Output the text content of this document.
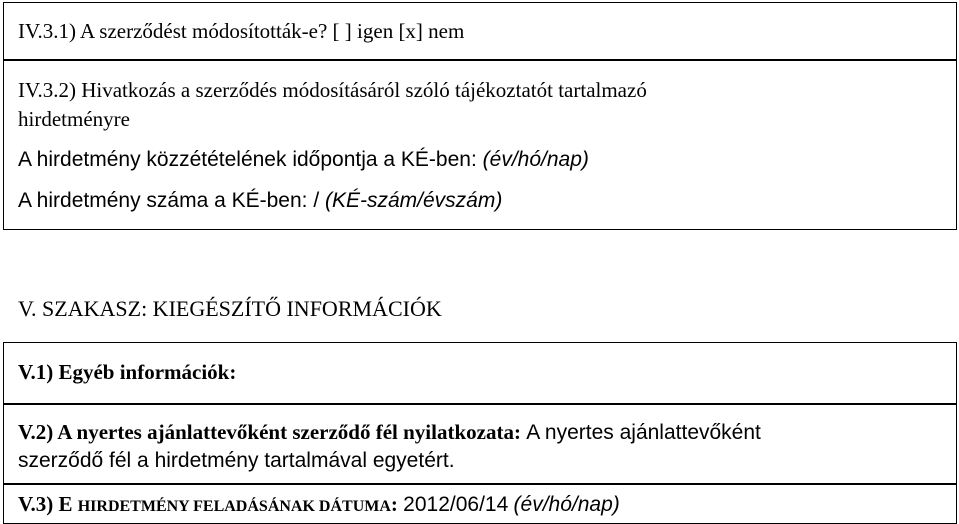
IV.3.1) A szerződést módosították-e? [ ] igen [x] nem
IV.3.2) Hivatkozás a szerződés módosításáról szóló tájékoztatót tartalmazó
hirdetményre
A hirdetmény közzétételének időpontja a KÉ-ben: (év/hó/nap)
A hirdetmény száma a KÉ-ben: / (KÉ-szám/évszám)
V. SZAKASZ: KIEGÉSZÍTŐ INFORMÁCIÓK
V.1) Egyéb információk:
V.2) A nyertes ajánlattevőként szerződő fél nyilatkozata: A nyertes ajánlattevőként
szerződő fél a hirdetmény tartalmával egyetért.
V.3) E HIRDETMÉNY FELADÁSÁNAK DÁTUMA: 2012/06/14 (év/hó/nap)
